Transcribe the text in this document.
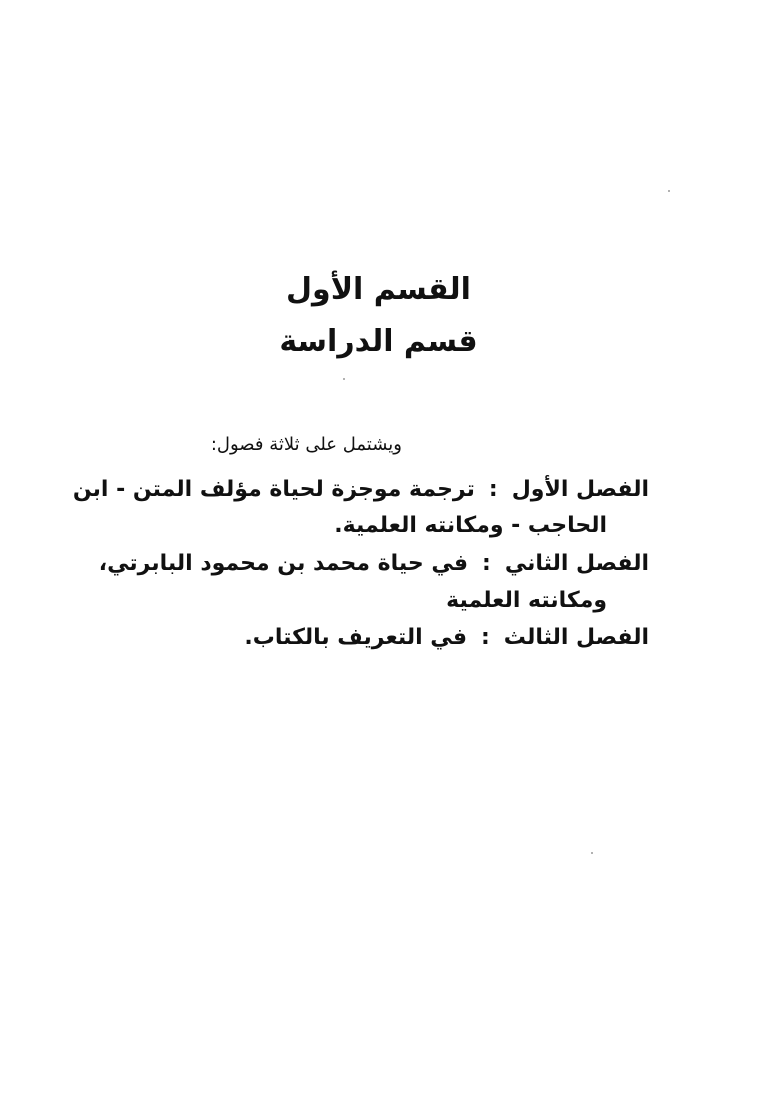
القسم الأول
قسم الدراسة
ويشتمل على ثلاثة فصول:
الفصل الأول:ترجمة موجزة لحياة مؤلف المتن - ابن
الحاجب - ومكانته العلمية.
الفصل الثاني:في حياة محمد بن محمود البابرتي،
ومكانته العلمية
الفصل الثالث:في التعريف بالكتاب.
